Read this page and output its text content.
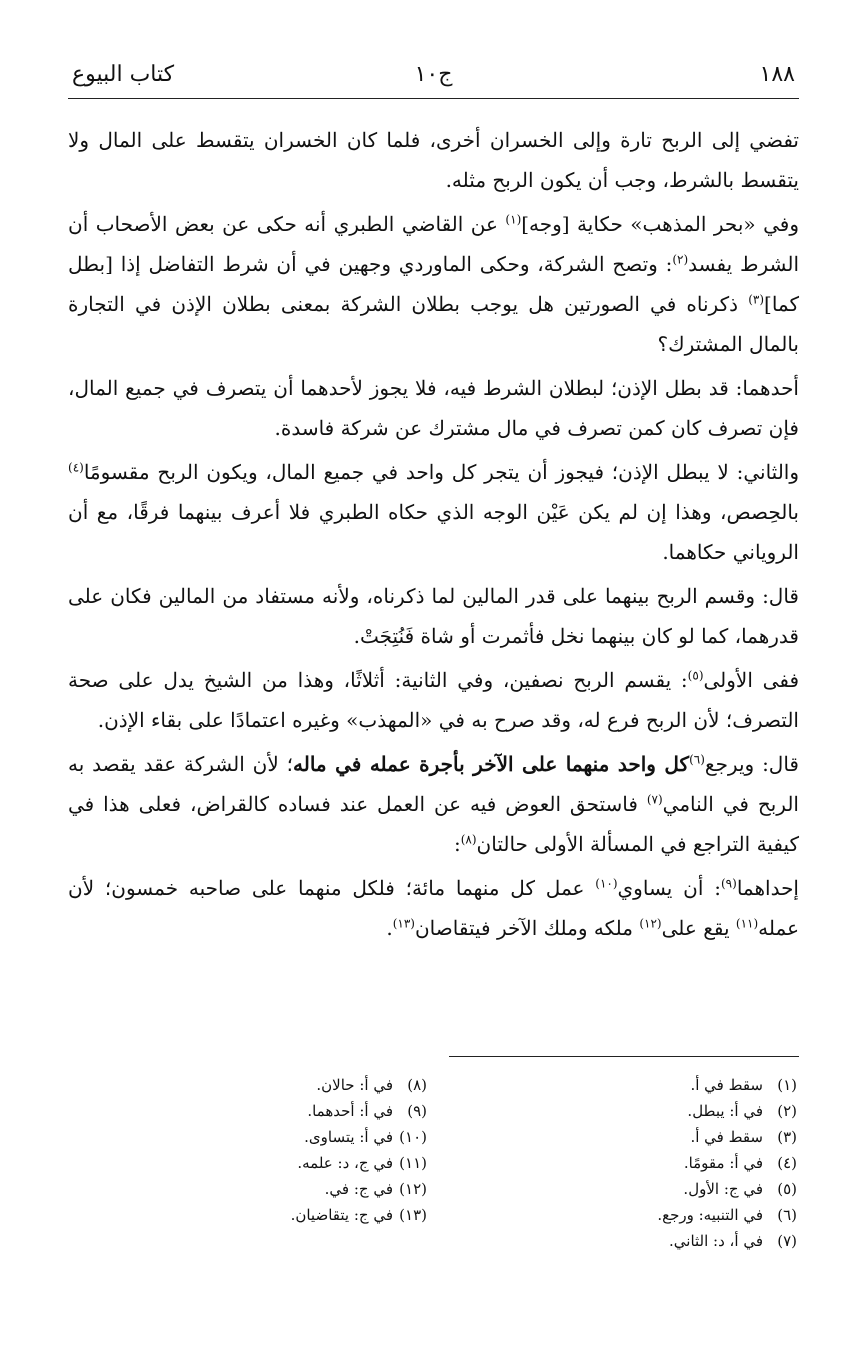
١٨٨
ج١٠
كتاب البيوع

تفضي إلى الربح تارة وإلى الخسران أخرى، فلما كان الخسران يتقسط على المال ولا يتقسط بالشرط، وجب أن يكون الربح مثله.

وفي «بحر المذهب» حكاية [وجه]$^{(١)}$ عن القاضي الطبري أنه حكى عن بعض الأصحاب أن الشرط يفسد$^{(٢)}$: وتصح الشركة، وحكى الماوردي وجهين في أن شرط التفاضل إذا [بطل كما]$^{(٣)}$ ذكرناه في الصورتين هل يوجب بطلان الشركة بمعنى بطلان الإذن في التجارة بالمال المشترك؟

أحدهما: قد بطل الإذن؛ لبطلان الشرط فيه، فلا يجوز لأحدهما أن يتصرف في جميع المال، فإن تصرف كان كمن تصرف في مال مشترك عن شركة فاسدة.

والثاني: لا يبطل الإذن؛ فيجوز أن يتجر كل واحد في جميع المال، ويكون الربح مقسومًا$^{(٤)}$ بالحِصص، وهذا إن لم يكن عَيْن الوجه الذي حكاه الطبري فلا أعرف بينهما فرقًا، مع أن الروياني حكاهما.

قال: وقسم الربح بينهما على قدر المالين لما ذكرناه، ولأنه مستفاد من المالين فكان على قدرهما، كما لو كان بينهما نخل فأثمرت أو شاة فَنُتِجَتْ.

ففى الأولى$^{(٥)}$: يقسم الربح نصفين، وفي الثانية: أثلاثًا، وهذا من الشيخ يدل على صحة التصرف؛ لأن الربح فرع له، وقد صرح به في «المهذب» وغيره اعتمادًا على بقاء الإذن.

قال: ويرجع$^{(٦)}$كل واحد منهما على الآخر بأجرة عمله في ماله؛ لأن الشركة عقد يقصد به الربح في النامي$^{(٧)}$ فاستحق العوض فيه عن العمل عند فساده كالقراض، فعلى هذا في كيفية التراجع في المسألة الأولى حالتان$^{(٨)}$:

إحداهما$^{(٩)}$: أن يساوي$^{(١٠)}$ عمل كل منهما مائة؛ فلكل منهما على صاحبه خمسون؛ لأن عمله$^{(١١)}$ يقع على$^{(١٢)}$ ملكه وملك الآخر فيتقاصان$^{(١٣)}$.

(١)سقط في أ.
(٢)في أ: يبطل.
(٣)سقط في أ.
(٤)في أ: مقومًا.
(٥)في ج: الأول.
(٦)في التنبيه: ورجع.
(٧)في أ، د: الثاني.
(٨)في أ: حالان.
(٩)في أ: أحدهما.
(١٠)في أ: يتساوى.
(١١)في ج، د: علمه.
(١٢)في ج: في.
(١٣)في ج: يتقاضيان.
